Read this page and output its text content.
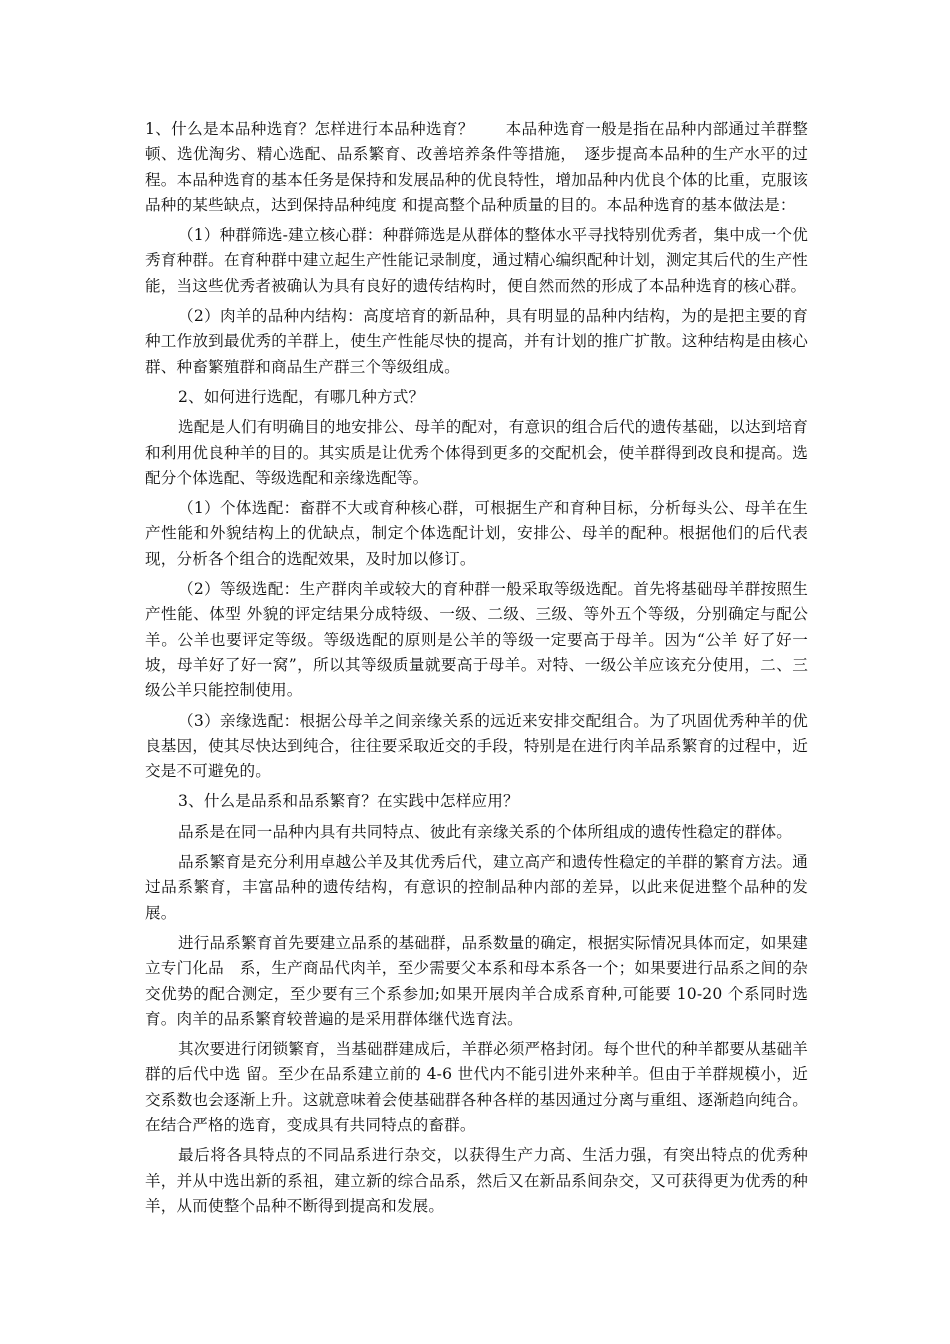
1、什么是本品种选育？怎样进行本品种选育？　　本品种选育一般是指在品种内部通过羊群整顿、选优淘劣、精心选配、品系繁育、改善培养条件等措施，　逐步提高本品种的生产水平的过程。本品种选育的基本任务是保持和发展品种的优良特性，增加品种内优良个体的比重，克服该品种的某些缺点，达到保持品种纯度 和提高整个品种质量的目的。本品种选育的基本做法是：

（1）种群筛选-建立核心群：种群筛选是从群体的整体水平寻找特别优秀者，集中成一个优秀育种群。在育种群中建立起生产性能记录制度，通过精心编织配种计划，测定其后代的生产性能，当这些优秀者被确认为具有良好的遗传结构时，便自然而然的形成了本品种选育的核心群。

（2）肉羊的品种内结构：高度培育的新品种，具有明显的品种内结构，为的是把主要的育种工作放到最优秀的羊群上，使生产性能尽快的提高，并有计划的推广扩散。这种结构是由核心群、种畜繁殖群和商品生产群三个等级组成。

2、如何进行选配，有哪几种方式？

选配是人们有明确目的地安排公、母羊的配对，有意识的组合后代的遗传基础，以达到培育和利用优良种羊的目的。其实质是让优秀个体得到更多的交配机会，使羊群得到改良和提高。选配分个体选配、等级选配和亲缘选配等。

（1）个体选配：畜群不大或育种核心群，可根据生产和育种目标，分析每头公、母羊在生产性能和外貌结构上的优缺点，制定个体选配计划，安排公、母羊的配种。根据他们的后代表现，分析各个组合的选配效果，及时加以修订。

（2）等级选配：生产群肉羊或较大的育种群一般采取等级选配。首先将基础母羊群按照生产性能、体型 外貌的评定结果分成特级、一级、二级、三级、等外五个等级，分别确定与配公羊。公羊也要评定等级。等级选配的原则是公羊的等级一定要高于母羊。因为“公羊 好了好一坡，母羊好了好一窝”，所以其等级质量就要高于母羊。对特、一级公羊应该充分使用，二、三级公羊只能控制使用。

（3）亲缘选配：根据公母羊之间亲缘关系的远近来安排交配组合。为了巩固优秀种羊的优良基因，使其尽快达到纯合，往往要采取近交的手段，特别是在进行肉羊品系繁育的过程中，近交是不可避免的。

3、什么是品系和品系繁育？在实践中怎样应用？

品系是在同一品种内具有共同特点、彼此有亲缘关系的个体所组成的遗传性稳定的群体。

品系繁育是充分利用卓越公羊及其优秀后代，建立高产和遗传性稳定的羊群的繁育方法。通过品系繁育，丰富品种的遗传结构，有意识的控制品种内部的差异，以此来促进整个品种的发展。

进行品系繁育首先要建立品系的基础群，品系数量的确定，根据实际情况具体而定，如果建立专门化品　系，生产商品代肉羊，至少需要父本系和母本系各一个；如果要进行品系之间的杂交优势的配合测定，至少要有三个系参加;如果开展肉羊合成系育种,可能要 10-20 个系同时选育。肉羊的品系繁育较普遍的是采用群体继代选育法。

其次要进行闭锁繁育，当基础群建成后，羊群必须严格封闭。每个世代的种羊都要从基础羊群的后代中选 留。至少在品系建立前的 4-6 世代内不能引进外来种羊。但由于羊群规模小，近交系数也会逐渐上升。这就意味着会使基础群各种各样的基因通过分离与重组、逐渐趋向纯合。在结合严格的选育，变成具有共同特点的畜群。

最后将各具特点的不同品系进行杂交，以获得生产力高、生活力强，有突出特点的优秀种羊，并从中选出新的系祖，建立新的综合品系，然后又在新品系间杂交，又可获得更为优秀的种羊，从而使整个品种不断得到提高和发展。
